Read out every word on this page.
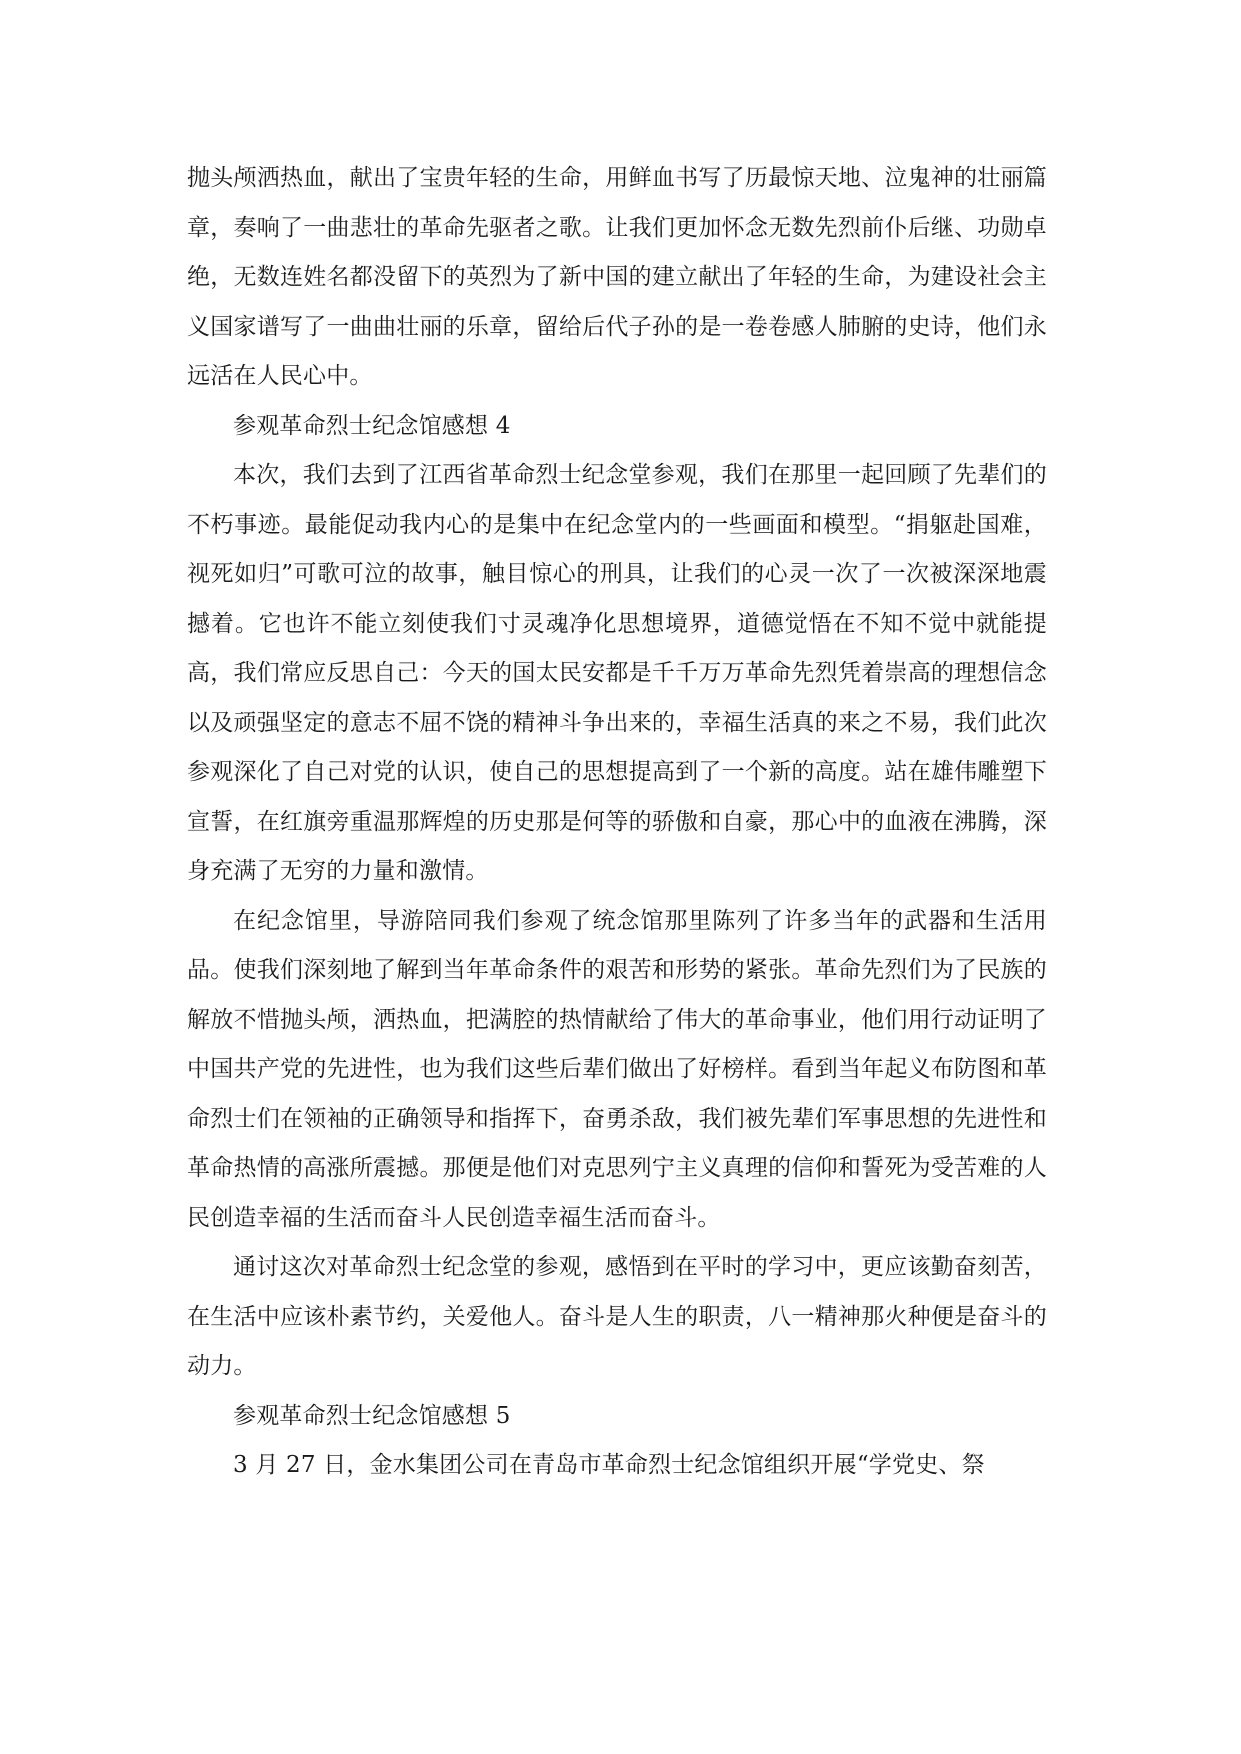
抛头颅洒热血，献出了宝贵年轻的生命，用鲜血书写了历最惊天地、泣鬼神的壮丽篇章，奏响了一曲悲壮的革命先驱者之歌。让我们更加怀念无数先烈前仆后继、功勋卓绝，无数连姓名都没留下的英烈为了新中国的建立献出了年轻的生命，为建设社会主义国家谱写了一曲曲壮丽的乐章，留给后代子孙的是一卷卷感人肺腑的史诗，他们永远活在人民心中。

参观革命烈士纪念馆感想 4

本次，我们去到了江西省革命烈士纪念堂参观，我们在那里一起回顾了先辈们的不朽事迹。最能促动我内心的是集中在纪念堂内的一些画面和模型。“捐躯赴国难，视死如归”可歌可泣的故事，触目惊心的刑具，让我们的心灵一次了一次被深深地震撼着。它也许不能立刻使我们寸灵魂净化思想境界，道德觉悟在不知不觉中就能提高，我们常应反思自己：今天的国太民安都是千千万万革命先烈凭着崇高的理想信念以及顽强坚定的意志不屈不饶的精神斗争出来的，幸福生活真的来之不易，我们此次参观深化了自己对党的认识，使自己的思想提高到了一个新的高度。站在雄伟雕塑下宣誓，在红旗旁重温那辉煌的历史那是何等的骄傲和自豪，那心中的血液在沸腾，深身充满了无穷的力量和激情。

在纪念馆里，导游陪同我们参观了统念馆那里陈列了许多当年的武器和生活用品。使我们深刻地了解到当年革命条件的艰苦和形势的紧张。革命先烈们为了民族的解放不惜抛头颅，洒热血，把满腔的热情献给了伟大的革命事业，他们用行动证明了中国共产党的先进性，也为我们这些后辈们做出了好榜样。看到当年起义布防图和革命烈士们在领袖的正确领导和指挥下，奋勇杀敌，我们被先辈们军事思想的先进性和革命热情的高涨所震撼。那便是他们对克思列宁主义真理的信仰和誓死为受苦难的人民创造幸福的生活而奋斗人民创造幸福生活而奋斗。

通讨这次对革命烈士纪念堂的参观，感悟到在平时的学习中，更应该勤奋刻苦，在生活中应该朴素节约，关爱他人。奋斗是人生的职责，八一精神那火种便是奋斗的动力。

参观革命烈士纪念馆感想 5

3 月 27 日，金水集团公司在青岛市革命烈士纪念馆组织开展“学党史、祭
